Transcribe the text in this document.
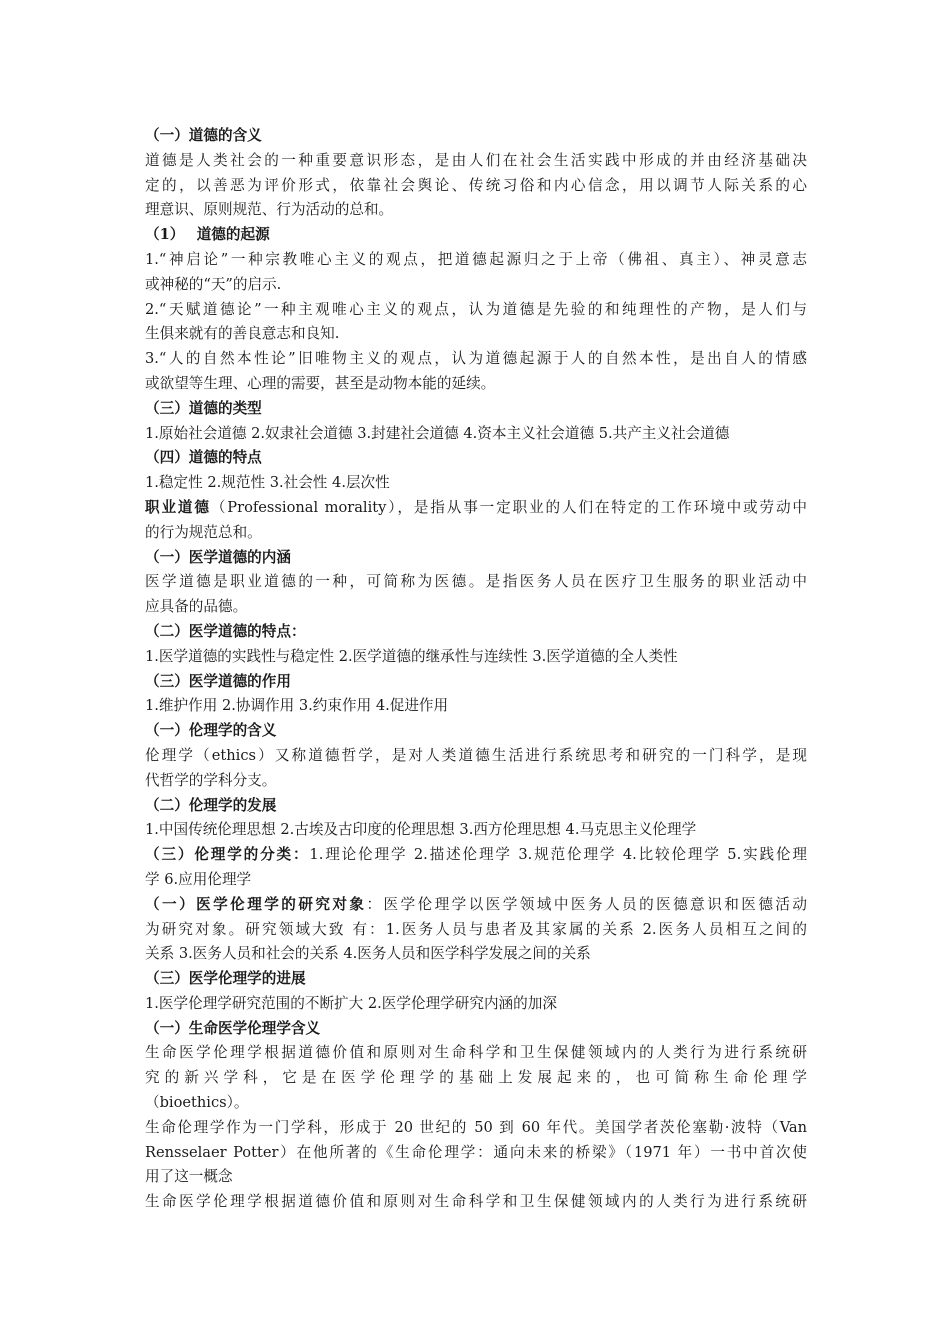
（一）道德的含义
道德是人类社会的一种重要意识形态，是由人们在社会生活实践中形成的并由经济基础决
定的，以善恶为评价形式，依靠社会舆论、传统习俗和内心信念，用以调节人际关系的心
理意识、原则规范、行为活动的总和。
（1）　 道德的起源
1.“神启论”一种宗教唯心主义的观点，把道德起源归之于上帝（佛祖、真主）、神灵意志
或神秘的“天”的启示.
2.“天赋道德论”一种主观唯心主义的观点，认为道德是先验的和纯理性的产物，是人们与
生俱来就有的善良意志和良知.
3.“人的自然本性论”旧唯物主义的观点，认为道德起源于人的自然本性，是出自人的情感
或欲望等生理、心理的需要，甚至是动物本能的延续。
（三）道德的类型
1.原始社会道德 2.奴隶社会道德 3.封建社会道德 4.资本主义社会道德 5.共产主义社会道德
（四）道德的特点
1.稳定性 2.规范性 3.社会性 4.层次性
职业道德（Professional morality），是指从事一定职业的人们在特定的工作环境中或劳动中
的行为规范总和。
（一）医学道德的内涵
医学道德是职业道德的一种，可简称为医德。是指医务人员在医疗卫生服务的职业活动中
应具备的品德。
（二）医学道德的特点：
1.医学道德的实践性与稳定性 2.医学道德的继承性与连续性 3.医学道德的全人类性
（三）医学道德的作用
1.维护作用 2.协调作用 3.约束作用 4.促进作用
（一）伦理学的含义
伦理学（ethics）又称道德哲学，是对人类道德生活进行系统思考和研究的一门科学，是现
代哲学的学科分支。
（二）伦理学的发展
1.中国传统伦理思想 2.古埃及古印度的伦理思想 3.西方伦理思想 4.马克思主义伦理学
（三）伦理学的分类：1.理论伦理学 2.描述伦理学 3.规范伦理学 4.比较伦理学 5.实践伦理
学 6.应用伦理学
（一）医学伦理学的研究对象：医学伦理学以医学领域中医务人员的医德意识和医德活动
为研究对象。研究领域大致 有：1.医务人员与患者及其家属的关系 2.医务人员相互之间的
关系 3.医务人员和社会的关系 4.医务人员和医学科学发展之间的关系
（三）医学伦理学的进展
1.医学伦理学研究范围的不断扩大 2.医学伦理学研究内涵的加深
（一）生命医学伦理学含义
生命医学伦理学根据道德价值和原则对生命科学和卫生保健领域内的人类行为进行系统研
究的新兴学科，它是在医学伦理学的基础上发展起来的，也可简称生命伦理学
（bioethics）。
生命伦理学作为一门学科，形成于 20 世纪的 50 到 60 年代。美国学者茨伦塞勒·波特（Van
Rensselaer Potter）在他所著的《生命伦理学：通向未来的桥梁》（1971 年）一书中首次使
用了这一概念
生命医学伦理学根据道德价值和原则对生命科学和卫生保健领域内的人类行为进行系统研
